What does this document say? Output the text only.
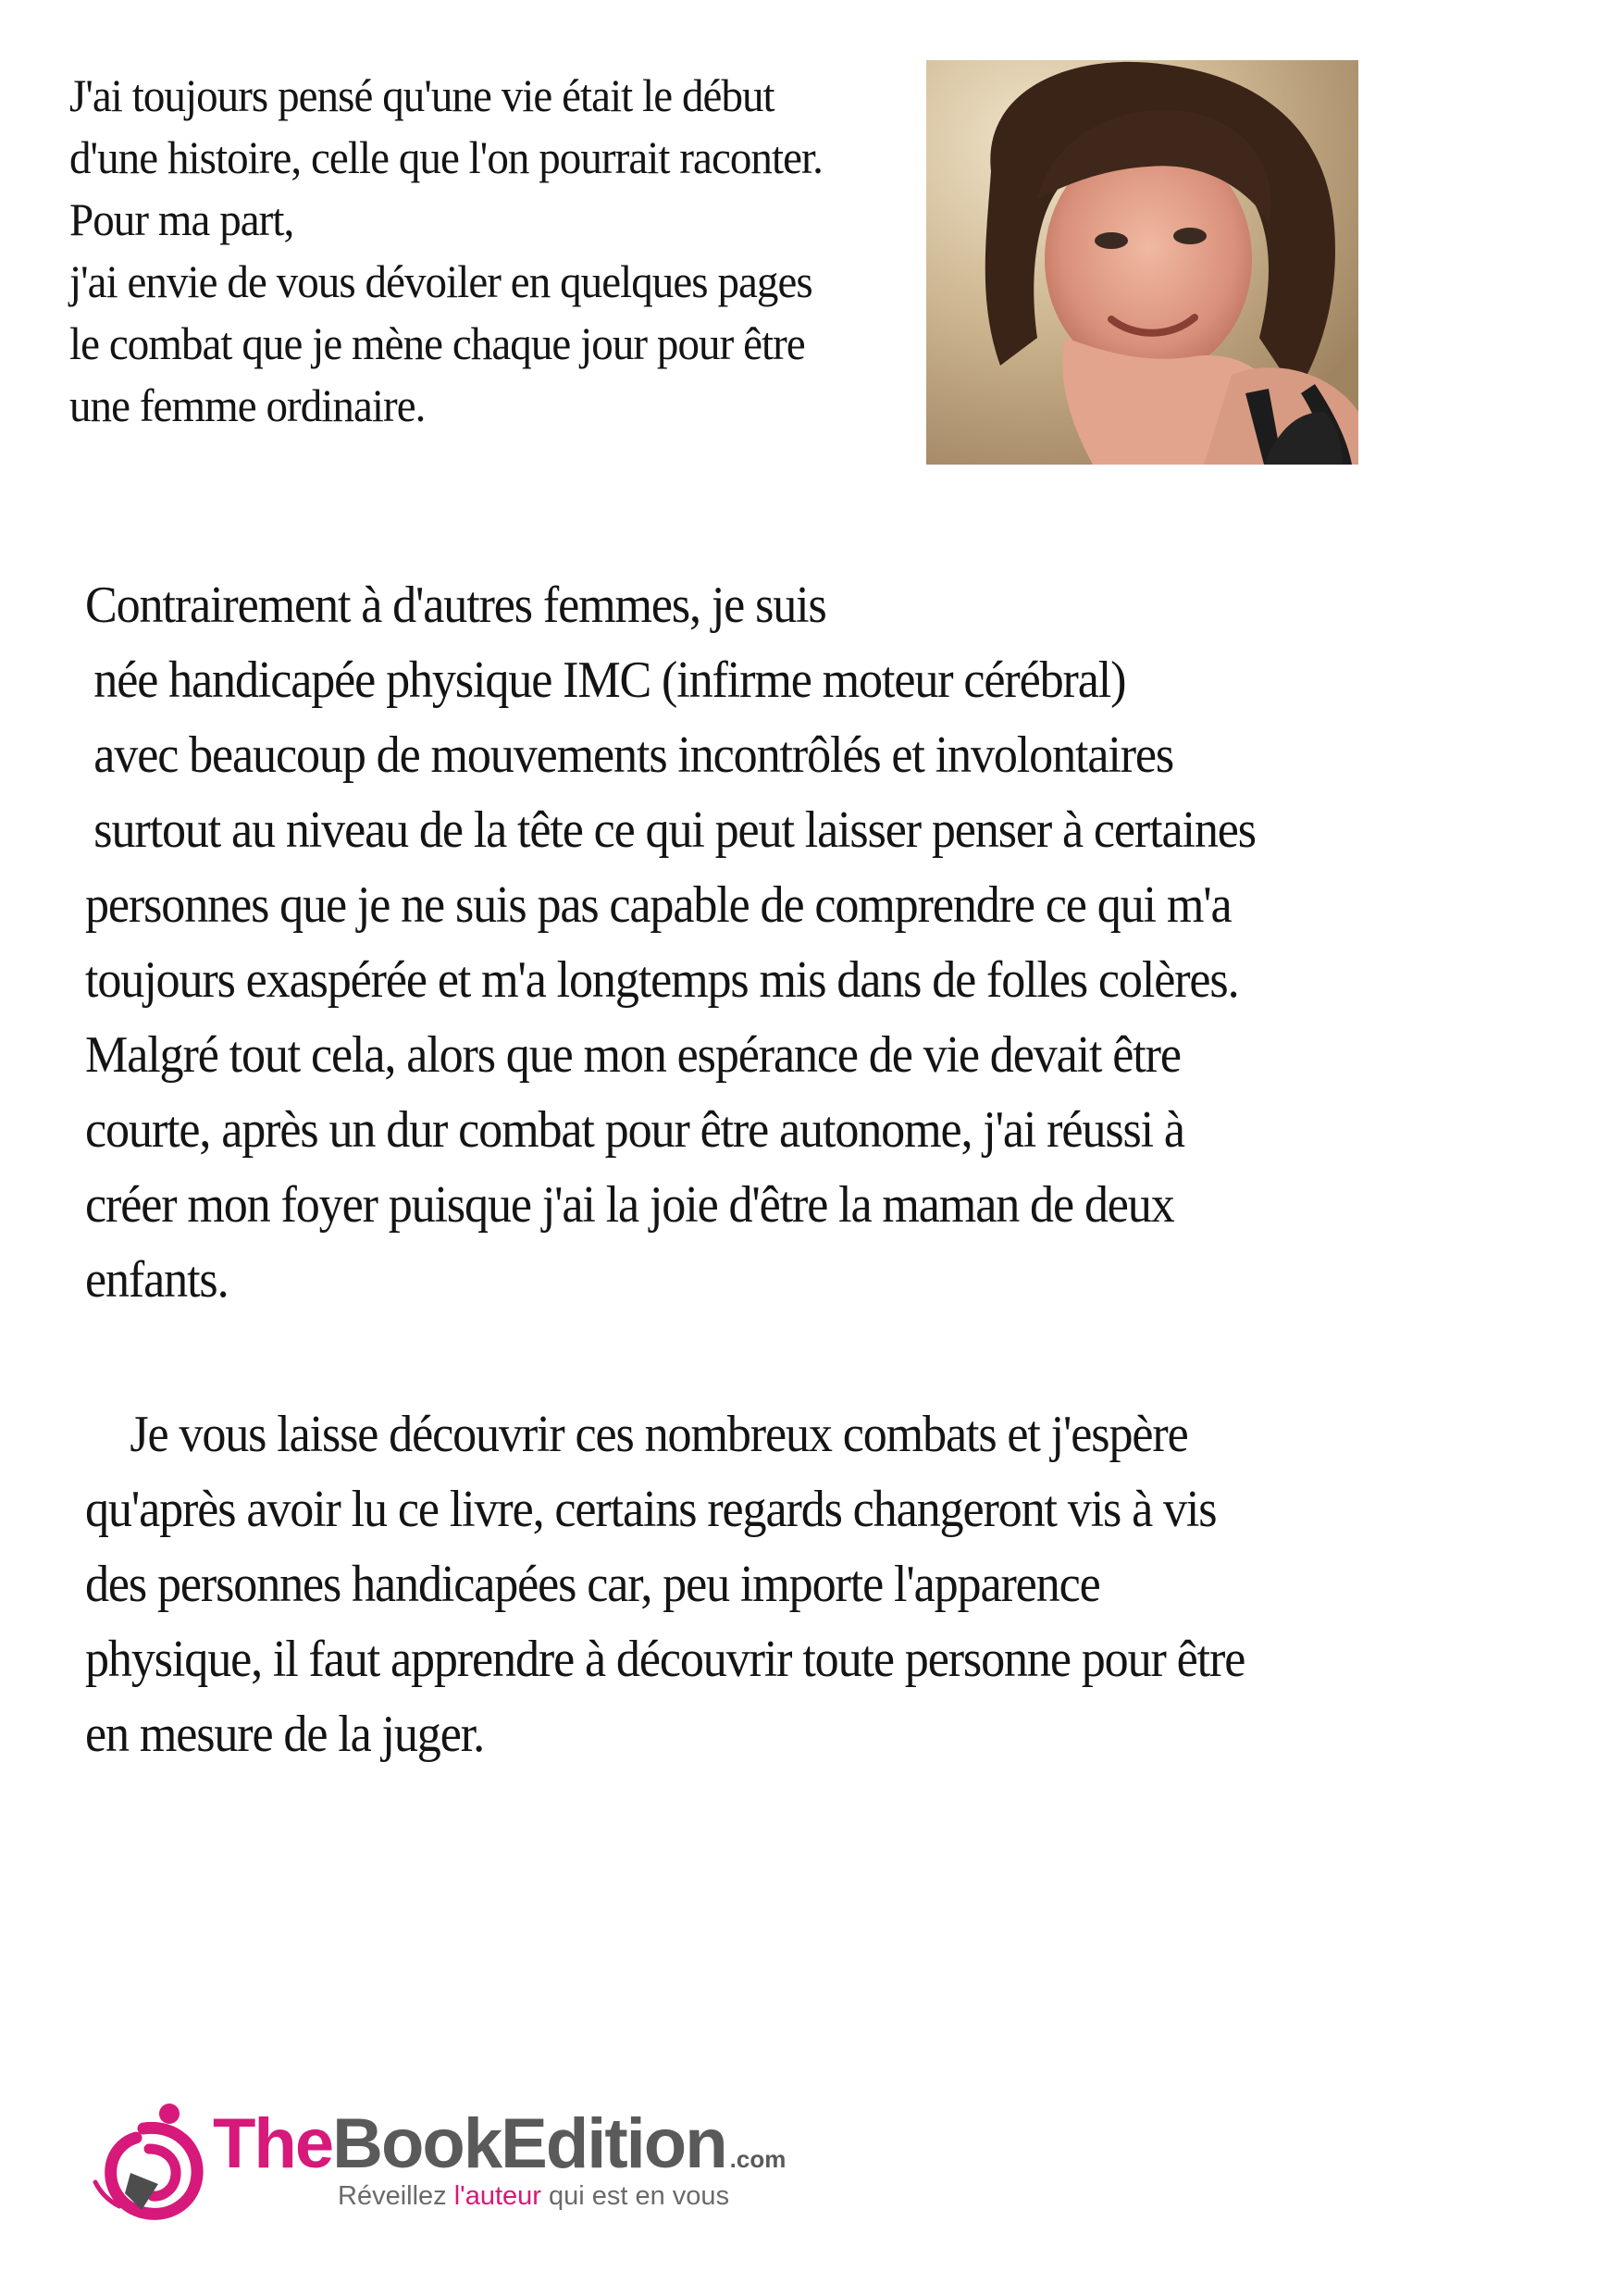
J'ai toujours pensé qu'une vie était le début
d'une histoire, celle que l'on pourrait raconter.
Pour ma part,
j'ai envie de vous dévoiler en quelques pages
le combat que je mène chaque jour pour être
une femme ordinaire.
Contrairement à d'autres femmes, je suis
née handicapée physique IMC (infirme moteur cérébral)
avec beaucoup de mouvements incontrôlés et involontaires
surtout au niveau de la tête ce qui peut laisser penser à certaines
personnes que je ne suis pas capable de comprendre ce qui m'a
toujours exaspérée et m'a longtemps mis dans de folles colères.
Malgré tout cela, alors que mon espérance de vie devait être
courte, après un dur combat pour être autonome, j'ai réussi à
créer mon foyer puisque j'ai la joie d'être la maman de deux
enfants.
Je vous laisse découvrir ces nombreux combats et j'espère
qu'après avoir lu ce livre, certains regards changeront vis à vis
des personnes handicapées car, peu importe l'apparence
physique, il faut apprendre à découvrir toute personne pour être
en mesure de la juger.
TheBookEdition .com
Réveillez l'auteur qui est en vous
